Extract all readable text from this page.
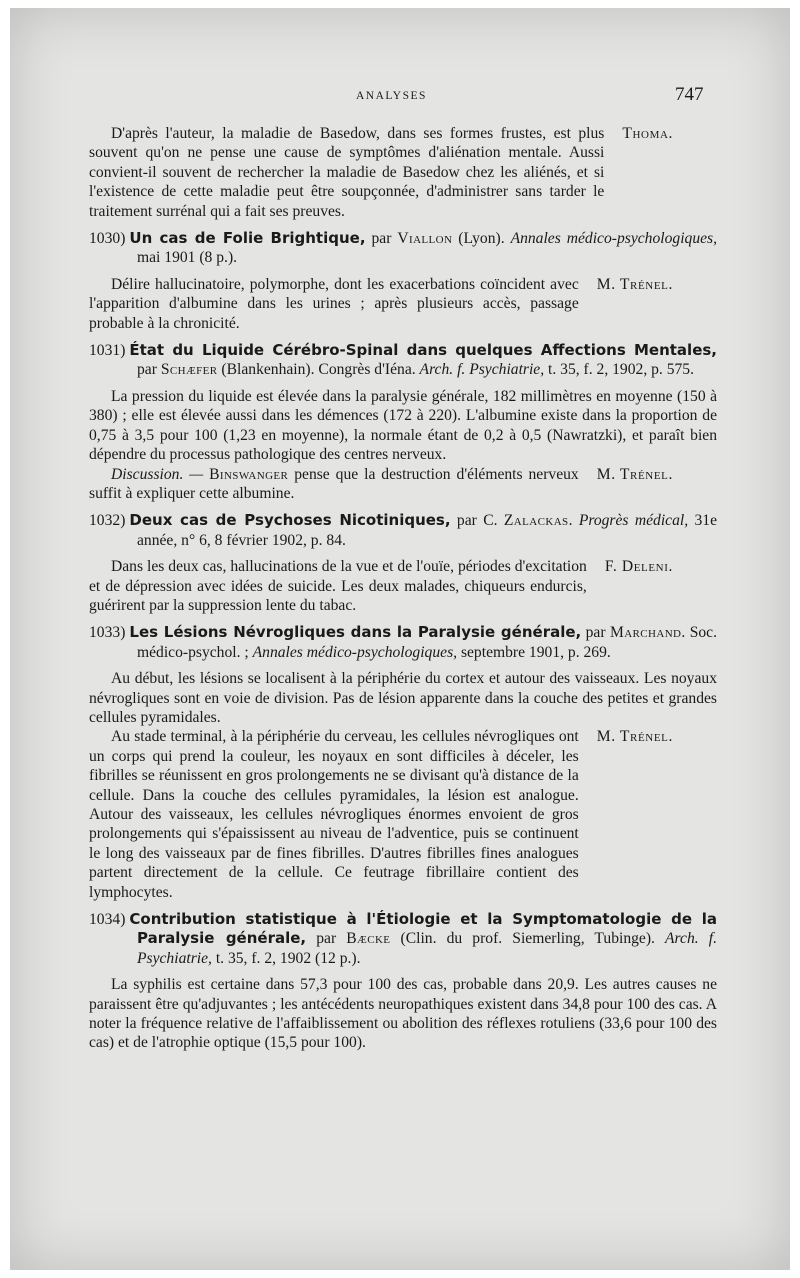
ANALYSES	747
D'après l'auteur, la maladie de Basedow, dans ses formes frustes, est plus souvent qu'on ne pense une cause de symptômes d'aliénation mentale. Aussi convient-il souvent de rechercher la maladie de Basedow chez les aliénés, et si l'existence de cette maladie peut être soupçonnée, d'administrer sans tarder le traitement surrénal qui a fait ses preuves.
Thoma.

1030) Un cas de Folie Brightique, par Viallon (Lyon). Annales médico-psychologiques, mai 1901 (8 p.).

Délire hallucinatoire, polymorphe, dont les exacerbations coïncident avec l'apparition d'albumine dans les urines ; après plusieurs accès, passage probable à la chronicité.
M. Trénel.

1031) État du Liquide Cérébro-Spinal dans quelques Affections Mentales, par Schæfer (Blankenhain). Congrès d'Iéna. Arch. f. Psychiatrie, t. 35, f. 2, 1902, p. 575.

La pression du liquide est élevée dans la paralysie générale, 182 millimètres en moyenne (150 à 380) ; elle est élevée aussi dans les démences (172 à 220). L'albumine existe dans la proportion de 0,75 à 3,5 pour 100 (1,23 en moyenne), la normale étant de 0,2 à 0,5 (Nawratzki), et paraît bien dépendre du processus pathologique des centres nerveux.

Discussion. — Binswanger pense que la destruction d'éléments nerveux suffit à expliquer cette albumine.
M. Trénel.

1032) Deux cas de Psychoses Nicotiniques, par C. Zalackas. Progrès médical, 31e année, n° 6, 8 février 1902, p. 84.

Dans les deux cas, hallucinations de la vue et de l'ouïe, périodes d'excitation et de dépression avec idées de suicide. Les deux malades, chiqueurs endurcis, guérirent par la suppression lente du tabac.
F. Deleni.

1033) Les Lésions Névrogliques dans la Paralysie générale, par Marchand. Soc. médico-psychol. ; Annales médico-psychologiques, septembre 1901, p. 269.

Au début, les lésions se localisent à la périphérie du cortex et autour des vaisseaux. Les noyaux névrogliques sont en voie de division. Pas de lésion apparente dans la couche des petites et grandes cellules pyramidales.

Au stade terminal, à la périphérie du cerveau, les cellules névrogliques ont un corps qui prend la couleur, les noyaux en sont difficiles à déceler, les fibrilles se réunissent en gros prolongements ne se divisant qu'à distance de la cellule. Dans la couche des cellules pyramidales, la lésion est analogue. Autour des vaisseaux, les cellules névrogliques énormes envoient de gros prolongements qui s'épaississent au niveau de l'adventice, puis se continuent le long des vaisseaux par de fines fibrilles. D'autres fibrilles fines analogues partent directement de la cellule. Ce feutrage fibrillaire contient des lymphocytes.
M. Trénel.

1034) Contribution statistique à l'Étiologie et la Symptomatologie de la Paralysie générale, par Bæcke (Clin. du prof. Siemerling, Tubinge). Arch. f. Psychiatrie, t. 35, f. 2, 1902 (12 p.).

La syphilis est certaine dans 57,3 pour 100 des cas, probable dans 20,9. Les autres causes ne paraissent être qu'adjuvantes ; les antécédents neuropathiques existent dans 34,8 pour 100 des cas. A noter la fréquence relative de l'affaiblissement ou abolition des réflexes rotuliens (33,6 pour 100 des cas) et de l'atrophie optique (15,5 pour 100).
